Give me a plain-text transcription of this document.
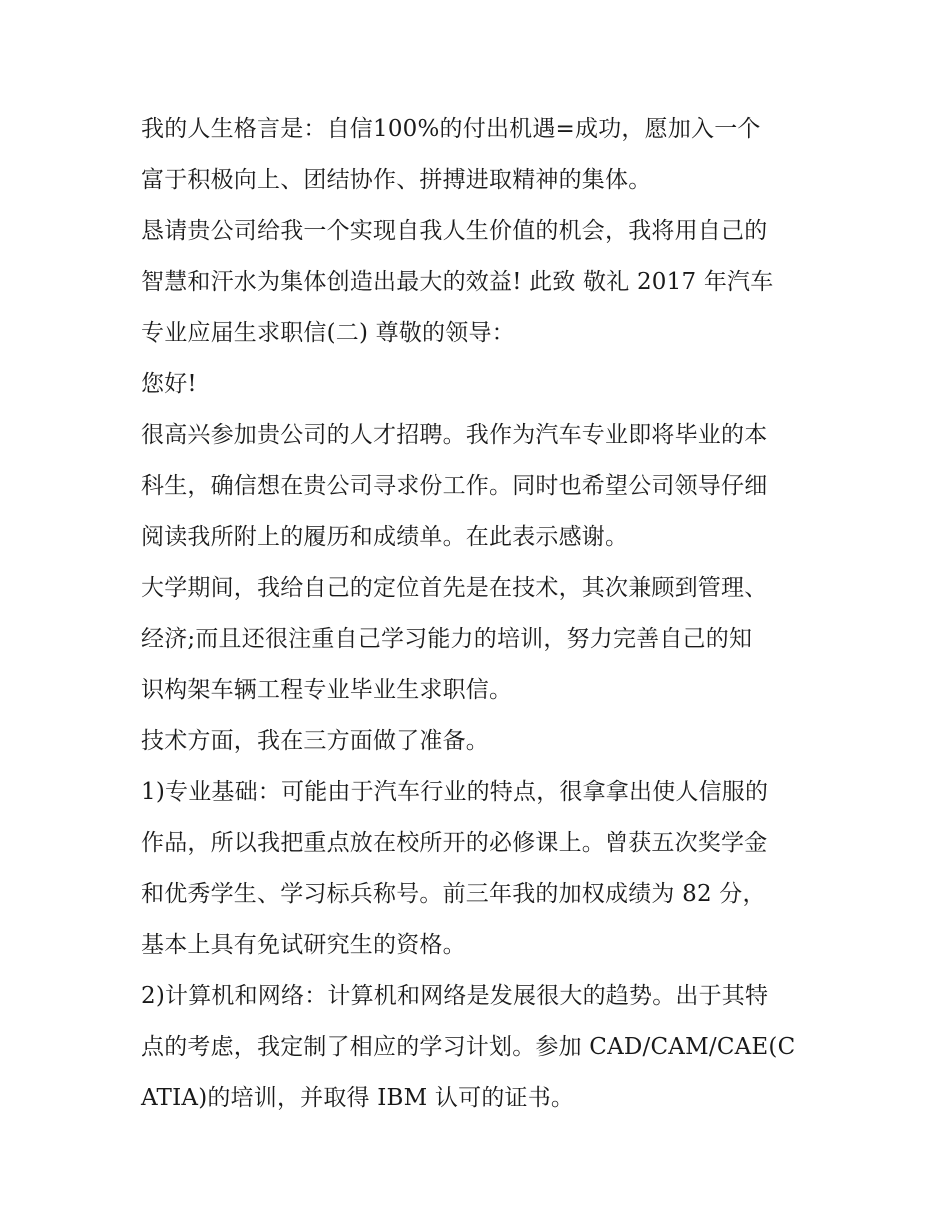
我的人生格言是：自信100%的付出机遇=成功，愿加入一个
富于积极向上、团结协作、拼搏进取精神的集体。
恳请贵公司给我一个实现自我人生价值的机会，我将用自己的
智慧和汗水为集体创造出最大的效益! 此致 敬礼 2017 年汽车
专业应届生求职信(二) 尊敬的领导：
您好!
很高兴参加贵公司的人才招聘。我作为汽车专业即将毕业的本
科生，确信想在贵公司寻求份工作。同时也希望公司领导仔细
阅读我所附上的履历和成绩单。在此表示感谢。
大学期间，我给自己的定位首先是在技术，其次兼顾到管理、
经济;而且还很注重自己学习能力的培训，努力完善自己的知
识构架车辆工程专业毕业生求职信。
技术方面，我在三方面做了准备。
1)专业基础：可能由于汽车行业的特点，很拿拿出使人信服的
作品，所以我把重点放在校所开的必修课上。曾获五次奖学金
和优秀学生、学习标兵称号。前三年我的加权成绩为 82 分，
基本上具有免试研究生的资格。
2)计算机和网络：计算机和网络是发展很大的趋势。出于其特
点的考虑，我定制了相应的学习计划。参加 CAD/CAM/CAE(C
ATIA)的培训，并取得 IBM 认可的证书。
